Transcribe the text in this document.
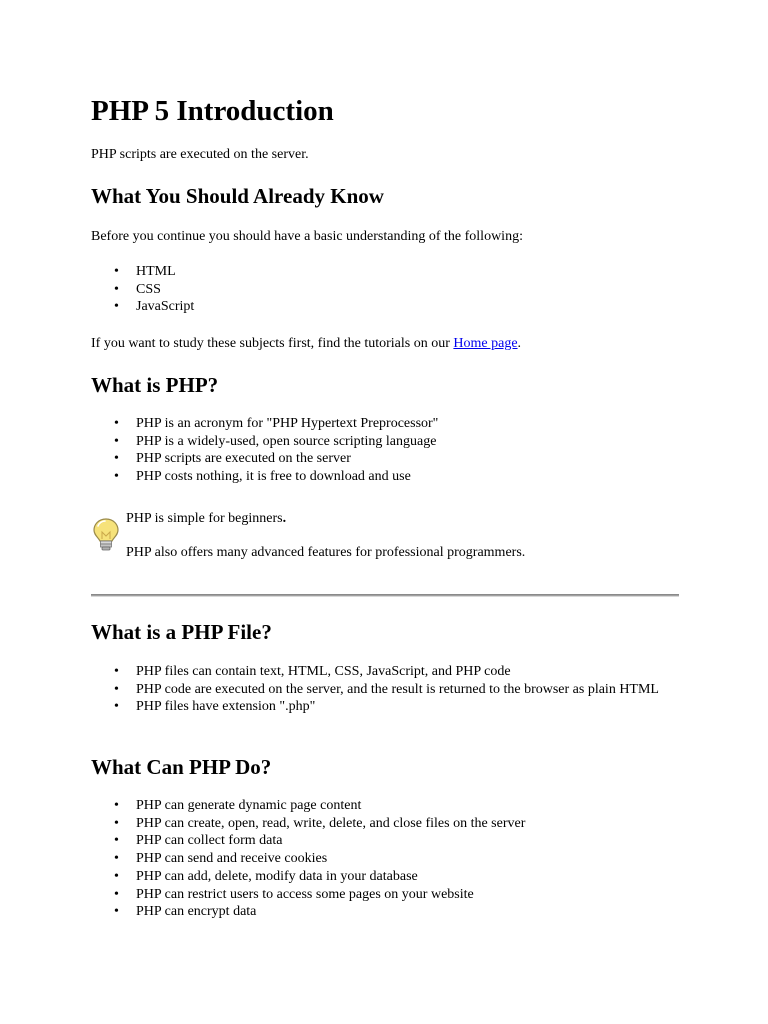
PHP 5 Introduction

PHP scripts are executed on the server.

What You Should Already Know

Before you continue you should have a basic understanding of the following:

• HTML
• CSS
• JavaScript

If you want to study these subjects first, find the tutorials on our Home page.

What is PHP?
• PHP is an acronym for "PHP Hypertext Preprocessor"
• PHP is a widely-used, open source scripting language
• PHP scripts are executed on the server
• PHP costs nothing, it is free to download and use

PHP is simple for beginners.

PHP also offers many advanced features for professional programmers.

What is a PHP File?
• PHP files can contain text, HTML, CSS, JavaScript, and PHP code
• PHP code are executed on the server, and the result is returned to the browser as plain HTML
• PHP files have extension ".php"
What Can PHP Do?
• PHP can generate dynamic page content
• PHP can create, open, read, write, delete, and close files on the server
• PHP can collect form data
• PHP can send and receive cookies
• PHP can add, delete, modify data in your database
• PHP can restrict users to access some pages on your website
• PHP can encrypt data
